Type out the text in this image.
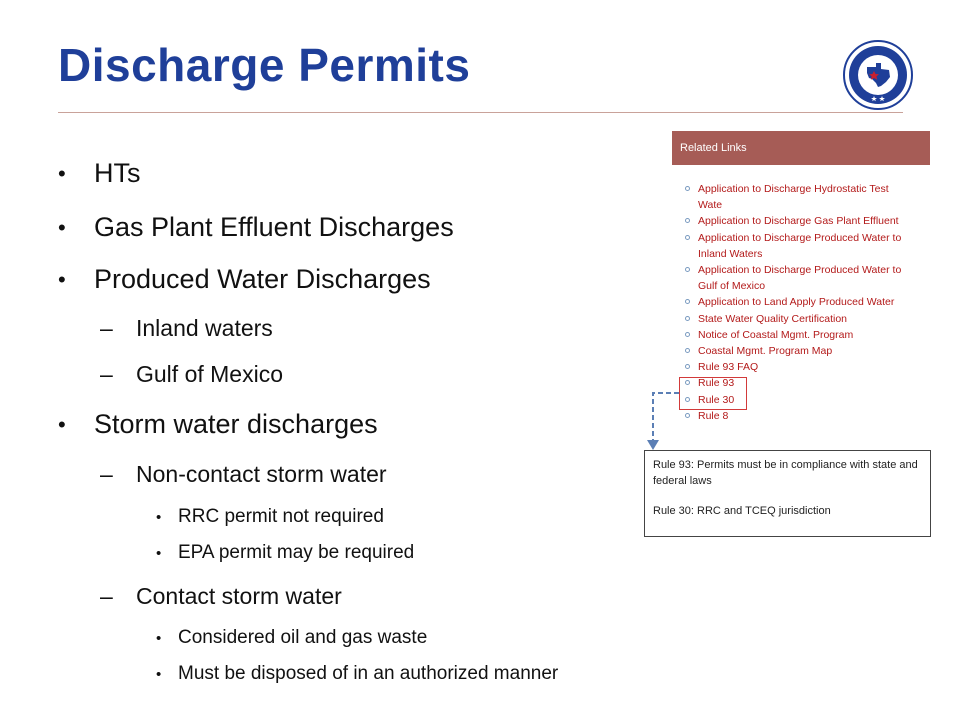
Discharge Permits
• HTs
• Gas Plant Effluent Discharges
• Produced Water Discharges
– Inland waters
– Gulf of Mexico
• Storm water discharges
– Non-contact storm water
• RRC permit not required
• EPA permit may be required
– Contact storm water
• Considered oil and gas waste
• Must be disposed of in an authorized manner
Related Links
Application to Discharge Hydrostatic Test
Wate
Application to Discharge Gas Plant Effluent
Application to Discharge Produced Water to
Inland Waters
Application to Discharge Produced Water to
Gulf of Mexico
Application to Land Apply Produced Water
State Water Quality Certification
Notice of Coastal Mgmt. Program
Coastal Mgmt. Program Map
Rule 93 FAQ
Rule 93
Rule 30
Rule 8

Rule 93: Permits must be in compliance with state and federal laws

Rule 30: RRC and TCEQ jurisdiction
